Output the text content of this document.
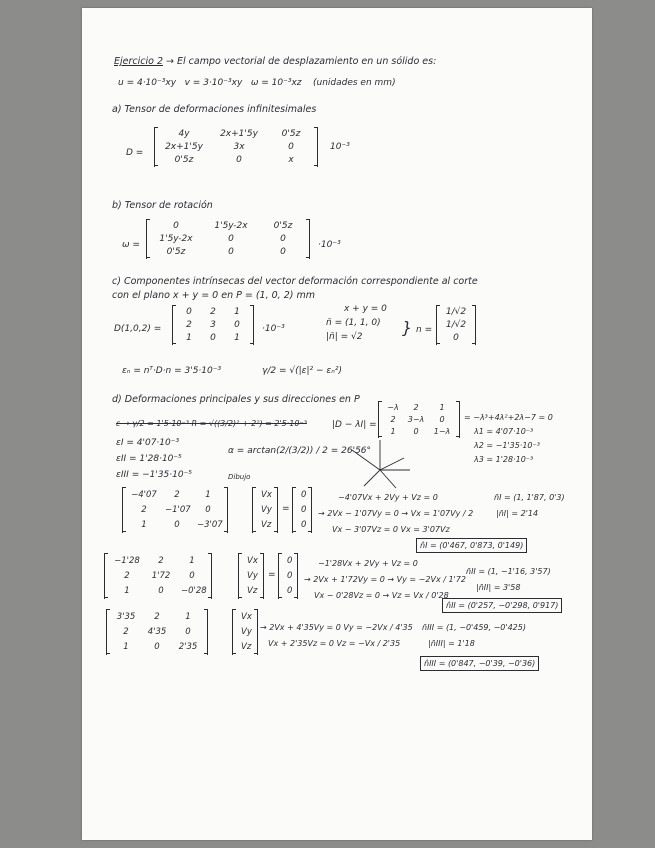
Ejercicio 2 → El campo vectorial de desplazamiento en un sólido es:
u = 4·10⁻³xy v = 3·10⁻³xy ω = 10⁻³xz (unidades en mm)
a) Tensor de deformaciones infinitesimales
D =
4y	2x+1'5y	0'5z
2x+1'5y	3x	0
0'5z	0	x
10⁻³
b) Tensor de rotación
ω =
0	1'5y-2x	0'5z
1'5y-2x	0	0
0'5z	0	0
·10⁻³
c) Componentes intrínsecas del vector deformación correspondiente al corte
con el plano x + y = 0 en P = (1, 0, 2) mm
D(1,0,2) =
0	2	1
2	3	0
1	0	1
·10⁻³
x + y = 0
n̄ = (1, 1, 0)
|n̄| = √2 } n =
1/√2
1/√2
0
εₙ = nᵀ·D·n = 3'5·10⁻³	γ/2 = √(|ε|² − εₙ²)
d) Deformaciones principales y sus direcciones en P
ε → γ/2 = 1'5·10⁻³ R = √((3/2)² + 2²) = 2'5·10⁻³	|D − λI| =
−λ	2	1
2	3−λ	0
1	0	1−λ
= −λ³+4λ²+2λ−7 = 0
λ1 = 4'07·10⁻³
λ2 = −1'35·10⁻³
λ3 = 1'28·10⁻³
εI = 4'07·10⁻³
εII = 1'28·10⁻⁵
εIII = −1'35·10⁻⁵
α = arctan(2/(3/2)) / 2 = 26'56°
Dibujo
−4'07	2	1
2	−1'07	0
1	0	−3'07
Vx
Vy
Vz
=
0
0
0
−4'07Vx + 2Vy + Vz = 0
→ 2Vx − 1'07Vy = 0 → Vx = 1'07Vy / 2
Vx − 3'07Vz = 0 Vx = 3'07Vz
n̄I = (1, 1'87, 0'3)
|n̄I| = 2'14
n̂I = (0'467, 0'873, 0'149)
−1'28	2	1
2	1'72	0
1	0	−0'28
Vx
Vy
Vz
=
0
0
0
−1'28Vx + 2Vy + Vz = 0
→ 2Vx + 1'72Vy = 0 → Vy = −2Vx / 1'72
Vx − 0'28Vz = 0 → Vz = Vx / 0'28
n̄II = (1, −1'16, 3'57)
|n̄II| = 3'58
n̂II = (0'257, −0'298, 0'917)
3'35	2	1
2	4'35	0
1	0	2'35
Vx
Vy
Vz
→ 2Vx + 4'35Vy = 0 Vy = −2Vx / 4'35
Vx + 2'35Vz = 0 Vz = −Vx / 2'35
n̄III = (1, −0'459, −0'425)
|n̄III| = 1'18
n̂III = (0'847, −0'39, −0'36)
